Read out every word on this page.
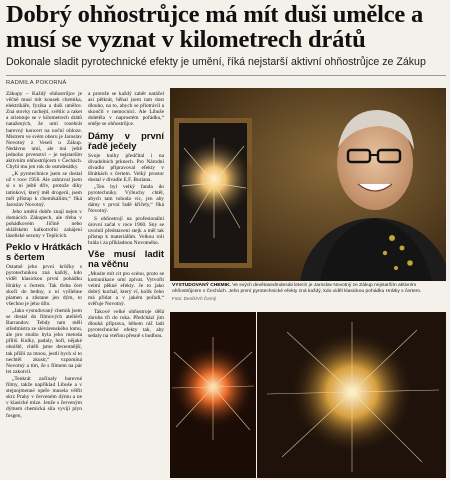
Dobrý ohňostrůjce má mít duši umělce a musí se vyznat v kilometrech drátů
Dokonale sladit pyrotechnické efekty je umění, říká nejstarší aktivní ohňostrůjce ze Zákup
RADMILA POKORNÁ

Zákupy – Každý ohňostrůjce je věčně musí mít kousek chemika, elektrikáře, fyzika a duši umělce. Zná stovky rachejtí, světlic a raket a orientuje se v kilometrech drátů natažených, že umí rozehrát barevný koncert na noční obloze. Mistrem ve svém oboru je Jaroslav Novotný z Veselí u Zákup. Nedávno umí, ale má ještě jednoho prvenství – je nejstarším aktivním ohňostrůjcem v Čechách. Chybí mu jen rok do osmdesátky.

„K pyrotechnice jsem se dostal už v roce 1956. Ale zahraval jsem si s ní ještě dřív, protože díky tatínkovi, který měl drogerii, jsem měl přístup k chemikáliím,“ říká Jaroslav Novotný.

Jeho umění dobře znají nejen v domácích Zákupech, ale třeba v pohádkovém Jičíně nebo sklářském kalkotrofní zahájení lázeňské sezony v Teplicích.

Peklo v Hrátkách s čertem

Ostatně jeho první krůčky s pyrotechnikou zná každý, kdo viděl klasickou první pohádku Hrátky s čertem. Tak třeba čert skočí do bedny, z ní vyšlehne plamen a zůstane jen dým, to všechno je jeho dílo.

„Jako vystudovaný chemik jsem se dostal do filmových ateliérů Barrandov. Tehdy tam měli středmístra ze slévárenského lomu, ale pro studio byla jeho metoda příliš. Kulky, padaly, hoři, nějaké ohniště, chtěli jsme decentnější, tak přišli za mnou, jestli bych si to nechtěl zkusit,“ vzpomíná Novotný a tím, že s filmem na pár let zakotvil.

„Tenkrát začínaly barevné filmy, takže například Libuše a v stejnojmenné opeře musela větřit skrz Prahy v červeném dýmu a ne v klasické mlze. Jenže s červeným dýmem chemická síla vyvíjí plyn fosgen,

a protože se každý zaběr natáčel asi pětkrát, běhal jsem tam dost dlouho, na to, abych se přiotrávil a skončil v nemocnici. Ale Libuše doletěla v naprostém pořádku,“ směje se ohňostrůjce.

Dámy v první řadě ječely

Svoje knihy předčítal i na divadelních prknech. Pro Národní divadlo připravoval efekty v Hrátkách s čertem. Velký prostor dostal v divadle E.F. Buriana.

„Ten byl velký fanda do pyrotechniky. Výbuchy chtěl, abych tam tohoda vic, jen aby dámy v první řadě křičely,“ říká Novotný.

S ohňostrojí na profesionální úrovni začal v roce 1960. Sny se uvolnil představení stejk a měl tak přístup k materiálům. Velkou roli hrála i za příkladnou Novotného.

Vše musí ladit na věčnu

„Musíte mít cit pro scénu, proto se komunikace umí zpívat. Vytvořit velmi pěkné efekty. Je to jako dobrý kuchař, který ví, kolik čeho má přidat a v jakém pořadí,“ svěřuje Novotný.

Takové velké ohňostroje dělá zhruba tři do roka. Předchází jim dlouhá příprava, během níž ladí pyrotechnické efekty tak, aby sedaly na vteřinu přesně s hudbou.

VYSTUDOVANÝ CHEMIK. Ve svých devětasedmdesáti letech je Jaroslav Novotný ze Zákup nejstarším aktivním ohňostrůjcem v Čechách. Jeho první pyrotechnické efekty zná každý, kdo viděl klasickou pohádku Hrátky s čertem.
Foto: Deník/Vít Černý
